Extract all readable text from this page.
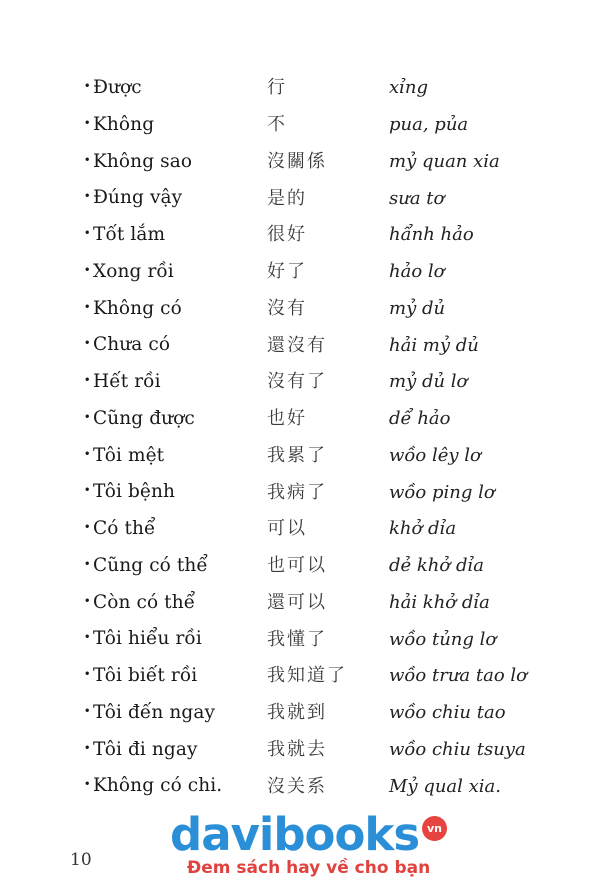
· Được	行	xỉng
· Không	不	pua, pủa
· Không sao	沒關係	mỷ quan xia
· Đúng vậy	是的	sưa tơ
· Tốt lắm	很好	hẩnh hảo
· Xong rồi	好了	hảo lơ
· Không có	沒有	mỷ dủ
· Chưa có	還沒有	hải mỷ dủ
· Hết rồi	沒有了	mỷ dủ lơ
· Cũng được	也好	dể hảo
· Tôi mệt	我累了	wồo lêy lơ
· Tôi bệnh	我病了	wồo ping lơ
· Có thể	可以	khở dỉa
· Cũng có thể	也可以	dẻ khở dỉa
· Còn có thể	還可以	hải khở dỉa
· Tôi hiểu rồi	我懂了	wồo tủng lơ
· Tôi biết rồi	我知道了	wồo trưa tao lơ
· Tôi đến ngay	我就到	wồo chiu tao
· Tôi đi ngay	我就去	wồo chiu tsuya
· Không có chi.	沒关系	Mỷ qual xia.
10 davibooks vn
Đem sách hay về cho bạn
